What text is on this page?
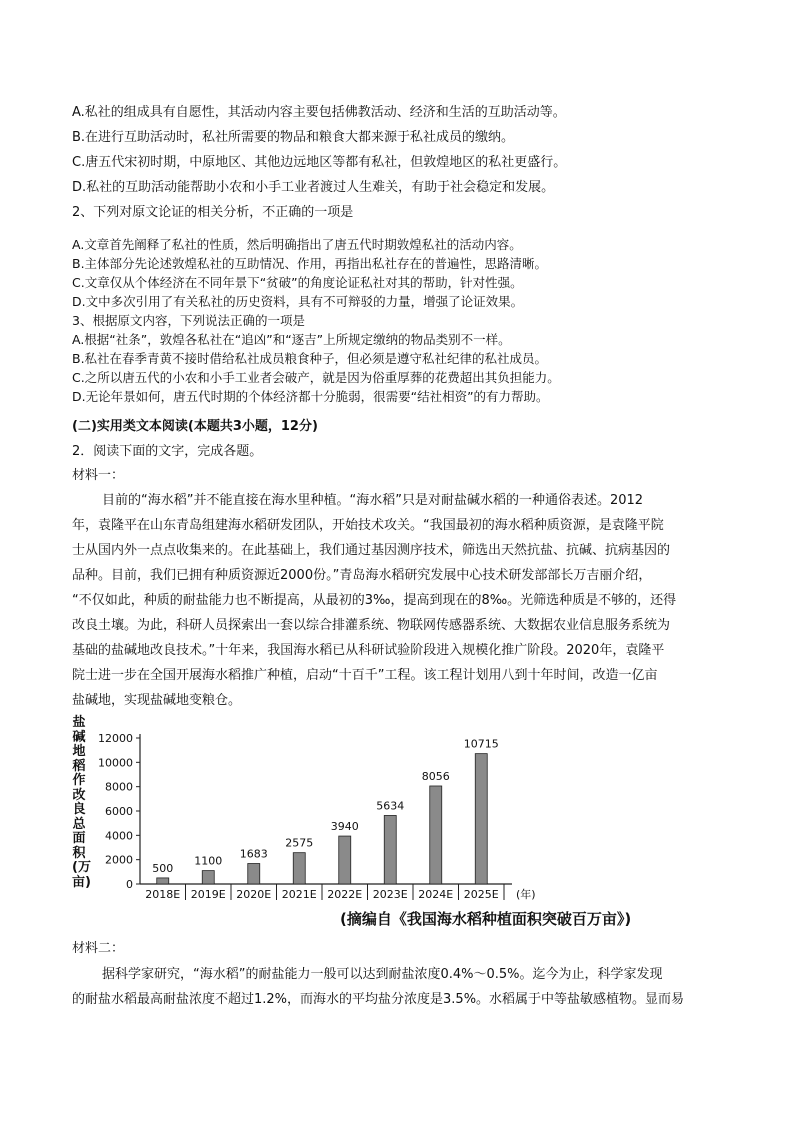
A.私社的组成具有自愿性，其活动内容主要包括佛教活动、经济和生活的互助活动等。
B.在进行互助活动时，私社所需要的物品和粮食大都来源于私社成员的缴纳。
C.唐五代宋初时期，中原地区、其他边远地区等都有私社，但敦煌地区的私社更盛行。
D.私社的互助活动能帮助小农和小手工业者渡过人生难关，有助于社会稳定和发展。
2、下列对原文论证的相关分析，不正确的一项是
A.文章首先阐释了私社的性质，然后明确指出了唐五代时期敦煌私社的活动内容。
B.主体部分先论述敦煌私社的互助情况、作用，再指出私社存在的普遍性，思路清晰。
C.文章仅从个体经济在不同年景下“贫破”的角度论证私社对其的帮助，针对性强。
D.文中多次引用了有关私社的历史资料，具有不可辩驳的力量，增强了论证效果。
3、根据原文内容，下列说法正确的一项是
A.根据“社条”，敦煌各私社在“追凶”和“逐吉”上所规定缴纳的物品类别不一样。
B.私社在春季青黄不接时借给私社成员粮食种子，但必须是遵守私社纪律的私社成员。
C.之所以唐五代的小农和小手工业者会破产，就是因为俗重厚葬的花费超出其负担能力。
D.无论年景如何，唐五代时期的个体经济都十分脆弱，很需要“结社相资”的有力帮助。
(二)实用类文本阅读(本题共3小题，12分)
2．阅读下面的文字，完成各题。
材料一：
目前的“海水稻”并不能直接在海水里种植。“海水稻”只是对耐盐碱水稻的一种通俗表述。2012
年，袁隆平在山东青岛组建海水稻研发团队，开始技术攻关。“我国最初的海水稻种质资源，是袁隆平院
士从国内外一点点收集来的。在此基础上，我们通过基因测序技术，筛选出天然抗盐、抗碱、抗病基因的
品种。目前，我们已拥有种质资源近2000份。”青岛海水稻研究发展中心技术研发部部长万吉丽介绍，
“不仅如此，种质的耐盐能力也不断提高，从最初的3‰，提高到现在的8‰。光筛选种质是不够的，还得
改良土壤。为此，科研人员探索出一套以综合排灌系统、物联网传感器系统、大数据农业信息服务系统为
基础的盐碱地改良技术。”十年来，我国海水稻已从科研试验阶段进入规模化推广阶段。2020年，袁隆平
院士进一步在全国开展海水稻推广种植，启动“十百千”工程。该工程计划用八到十年时间，改造一亿亩
盐碱地，实现盐碱地变粮仓。
盐碱地稻作改良总面积(万亩)	0
2000
4000
6000
8000
10000
12000
500
2018E
1100
2019E
1683
2020E
2575
2021E
3940
2022E
5634
2023E
8056
2024E
10715
2025E (年)
(摘编自《我国海水稻种植面积突破百万亩》)
材料二：
据科学家研究，“海水稻”的耐盐能力一般可以达到耐盐浓度0.4%～0.5%。迄今为止，科学家发现
的耐盐水稻最高耐盐浓度不超过1.2%，而海水的平均盐分浓度是3.5%。水稻属于中等盐敏感植物。显而易
